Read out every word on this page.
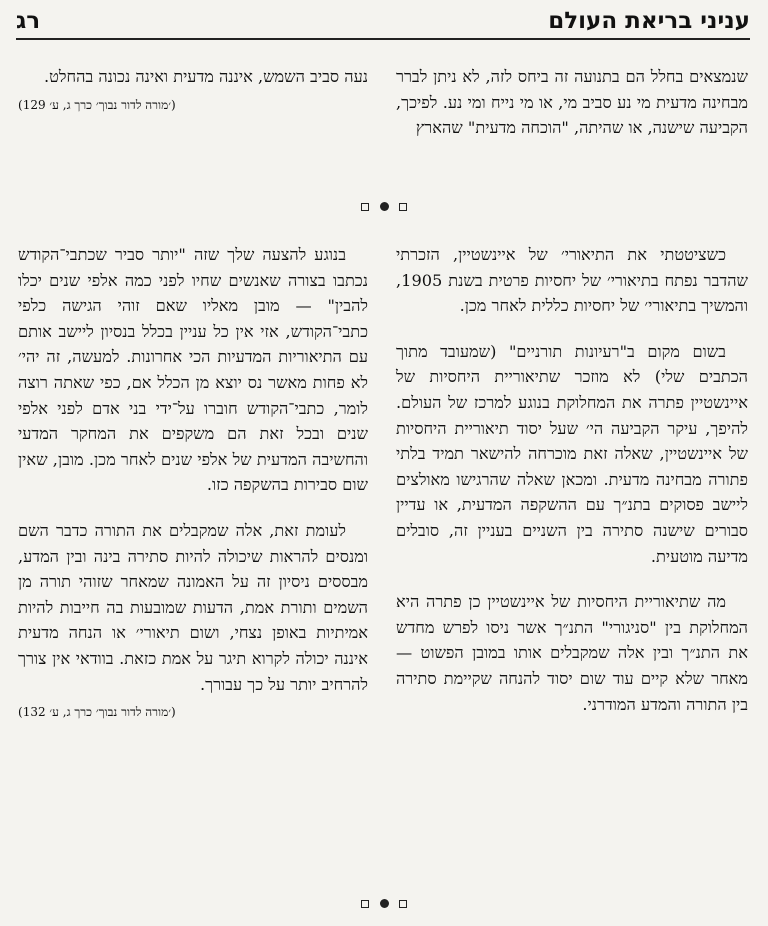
עניני בריאת העולם
רג

שנמצאים בחלל הם בתנועה זה ביחס לזה, לא ניתן לברר מבחינה מדעית מי נע סביב מי, או מי נייח ומי נע. לפיכך, הקביעה שישנה, או שהיתה, "הוכחה מדעית" שהארץ

נעה סביב השמש, איננה מדעית ואינה נכונה בהחלט.

(׳מורה לדור נבוך׳ כרך ג, ע׳ 129)

כשציטטתי את התיאורי׳ של איינשטיין, הזכרתי שהדבר נפתח בתיאורי׳ של יחסיות פרטית בשנת 1905, והמשיך בתיאורי׳ של יחסיות כללית לאחר מכן.

בשום מקום ב"רעיונות תורניים" (שמעובד מתוך הכתבים שלי) לא מוזכר שתיאוריית היחסיות של איינשטיין פתרה את המחלוקת בנוגע למרכז של העולם. להיפך, עיקר הקביעה הי׳ שעל יסוד תיאוריית היחסיות של איינשטיין, שאלה זאת מוכרחה להישאר תמיד בלתי פתורה מבחינה מדעית. ומכאן שאלה שהרגישו מאולצים ליישב פסוקים בתנ״ך עם ההשקפה המדעית, או עדיין סבורים שישנה סתירה בין השניים בעניין זה, סובלים מדיעה מוטעית.

מה שתיאוריית היחסיות של איינשטיין כן פתרה היא המחלוקת בין "סניגורי" התנ״ך אשר ניסו לפרש מחדש את התנ״ך ובין אלה שמקבלים אותו במובן הפשוט — מאחר שלא קיים עוד שום יסוד להנחה שקיימת סתירה בין התורה והמדע המודרני.

בנוגע להצעה שלך שזה "יותר סביר שכתבי־הקודש נכתבו בצורה שאנשים שחיו לפני כמה אלפי שנים יכלו להבין" — מובן מאליו שאם זוהי הגישה כלפי כתבי־הקודש, אזי אין כל עניין בכלל בנסיון ליישב אותם עם התיאוריות המדעיות הכי אחרונות. למעשה, זה יהי׳ לא פחות מאשר נס יוצא מן הכלל אם, כפי שאתה רוצה לומר, כתבי־הקודש חוברו על־ידי בני אדם לפני אלפי שנים ובכל זאת הם משקפים את המחקר המדעי והחשיבה המדעית של אלפי שנים לאחר מכן. מובן, שאין שום סבירות בהשקפה כזו.

לעומת זאת, אלה שמקבלים את התורה כדבר השם ומנסים להראות שיכולה להיות סתירה בינה ובין המדע, מבססים ניסיון זה על האמונה שמאחר שזוהי תורה מן השמים ותורת אמת, הדעות שמובעות בה חייבות להיות אמיתיות באופן נצחי, ושום תיאורי׳ או הנחה מדעית איננה יכולה לקרוא תיגר על אמת כזאת. בוודאי אין צורך להרחיב יותר על כך עבורך.

(׳מורה לדור נבוך׳ כרך ג, ע׳ 132)
